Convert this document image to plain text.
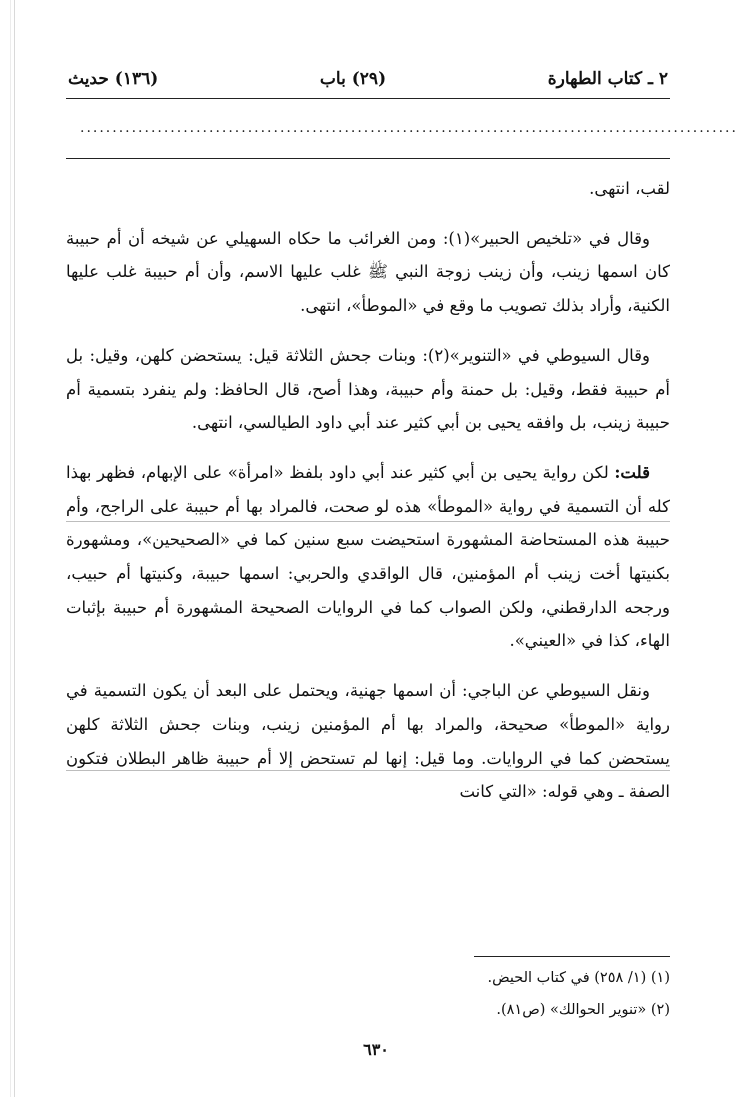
٢ ـ كتاب الطهارة
(٢٩) باب
(١٣٦) حديث
......................................................................................................

لقب، انتهى.

وقال في «تلخيص الحبير»(١): ومن الغرائب ما حكاه السهيلي عن شيخه أن أم حبيبة كان اسمها زينب، وأن زينب زوجة النبي ﷺ غلب عليها الاسم، وأن أم حبيبة غلب عليها الكنية، وأراد بذلك تصويب ما وقع في «الموطأ»، انتهى.

وقال السيوطي في «التنوير»(٢): وبنات جحش الثلاثة قيل: يستحضن كلهن، وقيل: بل أم حبيبة فقط، وقيل: بل حمنة وأم حبيبة، وهذا أصح، قال الحافظ: ولم ينفرد بتسمية أم حبيبة زينب، بل وافقه يحيى بن أبي كثير عند أبي داود الطيالسي، انتهى.

قلت: لكن رواية يحيى بن أبي كثير عند أبي داود بلفظ «امرأة» على الإبهام، فظهر بهذا كله أن التسمية في رواية «الموطأ» هذه لو صحت، فالمراد بها أم حبيبة على الراجح، وأم حبيبة هذه المستحاضة المشهورة استحيضت سبع سنين كما في «الصحيحين»، ومشهورة بكنيتها أخت زينب أم المؤمنين، قال الواقدي والحربي: اسمها حبيبة، وكنيتها أم حبيب، ورجحه الدارقطني، ولكن الصواب كما في الروايات الصحيحة المشهورة أم حبيبة بإثبات الهاء، كذا في «العيني».

ونقل السيوطي عن الباجي: أن اسمها جهنية، ويحتمل على البعد أن يكون التسمية في رواية «الموطأ» صحيحة، والمراد بها أم المؤمنين زينب، وبنات جحش الثلاثة كلهن يستحضن كما في الروايات. وما قيل: إنها لم تستحض إلا أم حبيبة ظاهر البطلان فتكون الصفة ـ وهي قوله: «التي كانت

(١) (١/ ٢٥٨) في كتاب الحيض.
(٢) «تنوير الحوالك» (ص٨١).
٦٣٠
